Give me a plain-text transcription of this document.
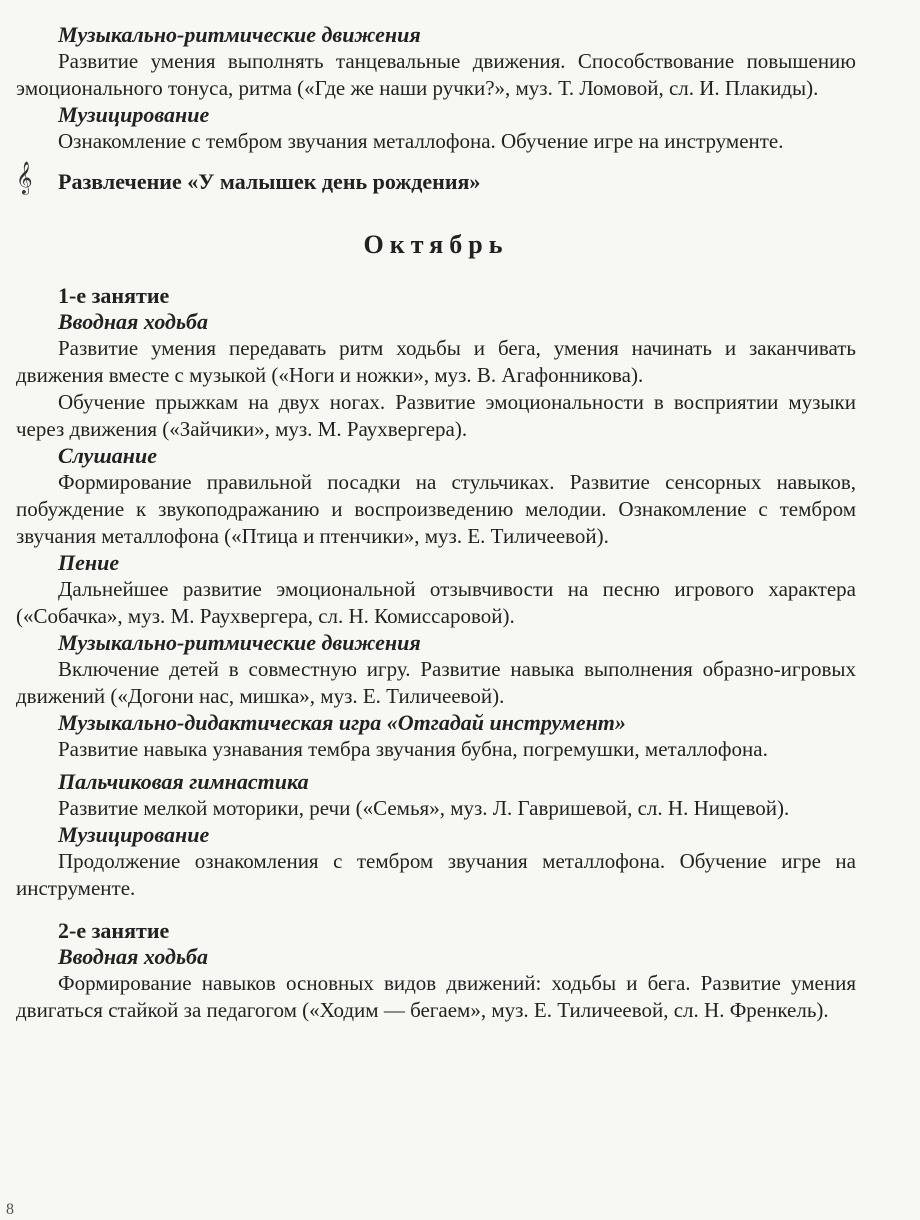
Музыкально-ритмические движения

Развитие умения выполнять танцевальные движения. Способствование повышению эмоционального тонуса, ритма («Где же наши ручки?», муз. Т. Ломовой, сл. И. Плакиды).

Музицирование

Ознакомление с тембром звучания металлофона. Обучение игре на инструменте.

𝄞 Развлечение «У малышек день рождения»
Октябрь
1-е занятие
Вводная ходьба

Развитие умения передавать ритм ходьбы и бега, умения начинать и заканчивать движения вместе с музыкой («Ноги и ножки», муз. В. Агафонникова).

Обучение прыжкам на двух ногах. Развитие эмоциональности в восприятии музыки через движения («Зайчики», муз. М. Раухвергера).

Слушание

Формирование правильной посадки на стульчиках. Развитие сенсорных навыков, побуждение к звукоподражанию и воспроизведению мелодии. Ознакомление с тембром звучания металлофона («Птица и птенчики», муз. Е. Тиличеевой).

Пение

Дальнейшее развитие эмоциональной отзывчивости на песню игрового характера («Собачка», муз. М. Раухвергера, сл. Н. Комиссаровой).

Музыкально-ритмические движения

Включение детей в совместную игру. Развитие навыка выполнения образно-игровых движений («Догони нас, мишка», муз. Е. Тиличеевой).

Музыкально-дидактическая игра «Отгадай инструмент»

Развитие навыка узнавания тембра звучания бубна, погремушки, металлофона.

Пальчиковая гимнастика

Развитие мелкой моторики, речи («Семья», муз. Л. Гавришевой, сл. Н. Нищевой).

Музицирование

Продолжение ознакомления с тембром звучания металлофона. Обучение игре на инструменте.

2-е занятие
Вводная ходьба

Формирование навыков основных видов движений: ходьбы и бега. Развитие умения двигаться стайкой за педагогом («Ходим — бегаем», муз. Е. Тиличеевой, сл. Н. Френкель).

8
